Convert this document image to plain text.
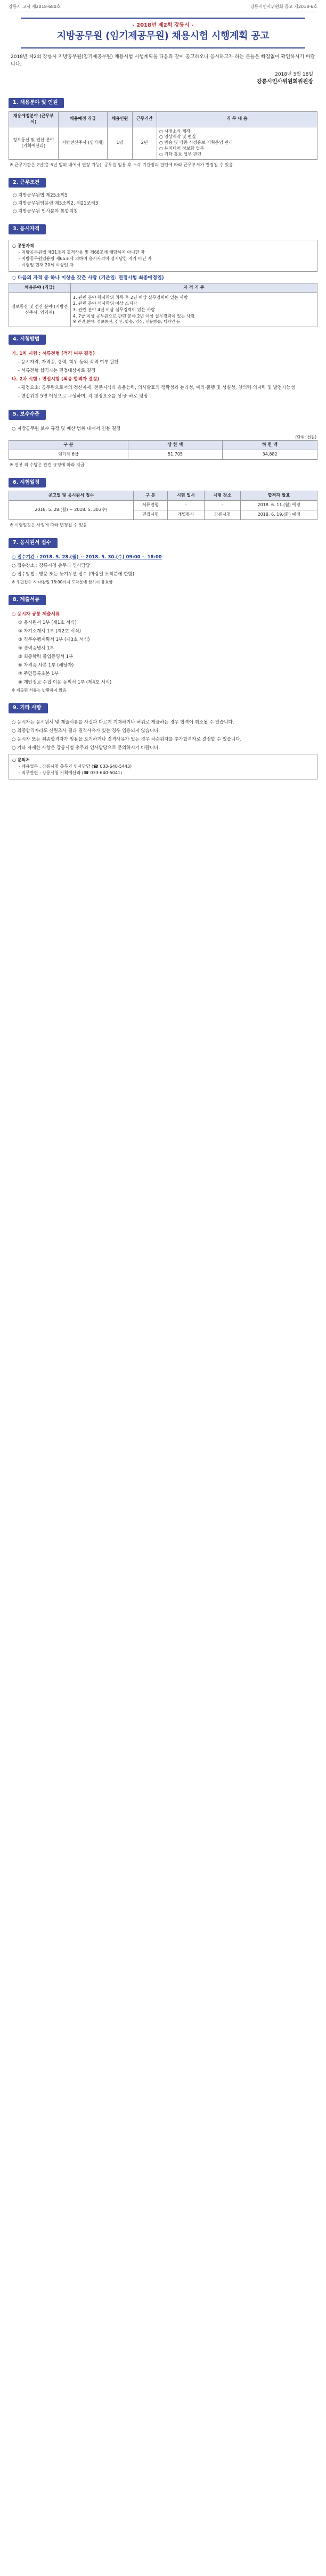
강릉시 고시 제2018-680호	강릉시인사위원회 공고 제2018-6호
- 2018년 제2회 강릉시 -
지방공무원 (임기제공무원) 채용시험 시행계획 공고
2018년 제2회 강릉시 지방공무원(임기제공무원) 채용시험 시행계획을 다음과 같이 공고하오니 응시하고자 하는 분들은 빠짐없이 확인하시기 바랍니다.
2018년 5월 18일
강릉시인사위원회위원장
1. 채용분야 및 인원
채용예정분야 (근무부서)	채용예정 직급	채용인원	근무기간	직 무 내 용
정보통신 및 전산 분야 (기획예산과)	지방전산주사 (임기제)	1명	2년	○ 시정소식 제작
○ 영상제작 및 편집
○ 방송 및 각종 시정홍보 기획운영 관리
○ 뉴미디어 정보화 업무
○ 기타 홍보 업무 관련
※ 근무기간은 2년(총 5년 범위 내에서 연장 가능), 공무원 임용 후 소속 기관장의 판단에 따라 근무부서가 변경될 수 있음
2. 근무조건
○ 지방공무원법 제25조의5
○ 지방공무원임용령 제3조의2, 제21조의3
○ 지방공무원 인사분야 통합지침
3. 응시자격
○ 공통자격
- 지방공무원법 제31조의 결격사유 및 제66조에 해당하지 아니한 자
- 지방공무원임용령 제65조에 의하여 응시자격이 정지당한 자가 아닌 자
- 시험일 현재 20세 이상인 자
○ 다음의 자격 중 하나 이상을 갖춘 사람 (기준일: 면접시험 최종예정일)
채용분야 (직급)	자 격 기 준
정보통신 및 전산 분야 (지방전산주사, 임기제)	1. 관련 분야 학사학위 취득 후 2년 이상 실무경력이 있는 사람
2. 관련 분야 석사학위 이상 소지자
3. 관련 분야 4년 이상 실무경력이 있는 사람
4. 7급 이상 공무원으로 관련 분야 2년 이상 실무경력이 있는 사람
※ 관련 분야: 정보통신, 전산, 방송, 영상, 신문방송, 디자인 등
4. 시험방법

가. 1차 시험 : 서류전형 (적격 여부 결정)

- 응시자격, 자격증, 경력, 학위 등의 적격 여부 판단

- 서류전형 합격자는 면접대상자로 결정

나. 2차 시험 : 면접시험 (최종 합격자 결정)

- 평정요소: 공무원으로서의 정신자세, 전문지식과 응용능력, 의사발표의 정확성과 논리성, 예의·품행 및 성실성, 창의력·의지력 및 발전가능성

- 면접위원 5명 이상으로 구성하며, 각 평정요소를 상·중·하로 평정

5. 보수수준
○ 지방공무원 보수 규정 및 예산 범위 내에서 연봉 결정
(단위: 천원)
구 분	상 한 액	하 한 액
임기제 6급	51,705	34,882
※ 연봉 외 수당은 관련 규정에 따라 지급
6. 시험일정
공고일 및 응시원서 접수	구 분	시험 일시	시험 장소	합격자 발표
2018. 5. 28.(월) ~ 2018. 5. 30.(수)	서류전형	-	-	2018. 6. 11.(월) 예정
	면접시험	개별통지	강릉시청	2018. 6. 19.(화) 예정
※ 시험일정은 사정에 따라 변경될 수 있음
7. 응시원서 접수

○ 접수기간 : 2018. 5. 28.(월) ~ 2018. 5. 30.(수) 09:00 ~ 18:00

○ 접수장소 : 강릉시청 총무과 인사담당

○ 접수방법 : 방문 또는 등기우편 접수 (마감일 도착분에 한함)

※ 우편접수 시 마감일 18:00까지 도착분에 한하여 유효함

8. 제출서류

○ 응시자 공통 제출서류

① 응시원서 1부 (제1호 서식)

② 자기소개서 1부 (제2호 서식)

③ 직무수행계획서 1부 (제3호 서식)

④ 경력증명서 1부

⑤ 최종학력 졸업증명서 1부

⑥ 자격증 사본 1부 (해당자)

⑦ 주민등록초본 1부

⑧ 개인정보 수집·이용 동의서 1부 (제4호 서식)

※ 제출된 서류는 반환하지 않음

9. 기타 사항

○ 응시자는 응시원서 및 제출서류를 사실과 다르게 기재하거나 허위로 제출하는 경우 합격이 취소될 수 있습니다.

○ 최종합격자라도 신원조사 결과 결격사유가 있는 경우 임용되지 않습니다.

○ 응시자 또는 최종합격자가 임용을 포기하거나 결격사유가 있는 경우 차순위자를 추가합격자로 결정할 수 있습니다.

○ 기타 자세한 사항은 강릉시청 총무과 인사담당으로 문의하시기 바랍니다.

○ 문의처
- 채용업무 : 강릉시청 총무과 인사담당 (☎ 033-640-5443)
- 직무관련 : 강릉시청 기획예산과 (☎ 033-640-5041)
